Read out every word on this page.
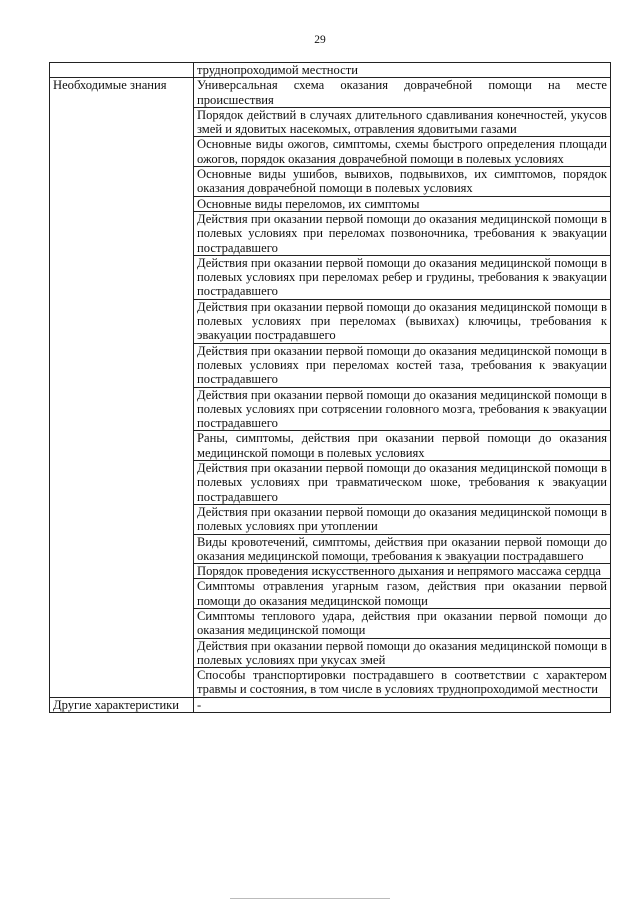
29
	труднопроходимой местности
Необходимые знания	Универсальная схема оказания доврачебной помощи на месте происшествия
	Порядок действий в случаях длительного сдавливания конечностей, укусов змей и ядовитых насекомых, отравления ядовитыми газами
	Основные виды ожогов, симптомы, схемы быстрого определения площади ожогов, порядок оказания доврачебной помощи в полевых условиях
	Основные виды ушибов, вывихов, подвывихов, их симптомов, порядок оказания доврачебной помощи в полевых условиях
	Основные виды переломов, их симптомы
	Действия при оказании первой помощи до оказания медицинской помощи в полевых условиях при переломах позвоночника, требования к эвакуации пострадавшего
	Действия при оказании первой помощи до оказания медицинской помощи в полевых условиях при переломах ребер и грудины, требования к эвакуации пострадавшего
	Действия при оказании первой помощи до оказания медицинской помощи в полевых условиях при переломах (вывихах) ключицы, требования к эвакуации пострадавшего
	Действия при оказании первой помощи до оказания медицинской помощи в полевых условиях при переломах костей таза, требования к эвакуации пострадавшего
	Действия при оказании первой помощи до оказания медицинской помощи в полевых условиях при сотрясении головного мозга, требования к эвакуации пострадавшего
	Раны, симптомы, действия при оказании первой помощи до оказания медицинской помощи в полевых условиях
	Действия при оказании первой помощи до оказания медицинской помощи в полевых условиях при травматическом шоке, требования к эвакуации пострадавшего
	Действия при оказании первой помощи до оказания медицинской помощи в полевых условиях при утоплении
	Виды кровотечений, симптомы, действия при оказании первой помощи до оказания медицинской помощи, требования к эвакуации пострадавшего
	Порядок проведения искусственного дыхания и непрямого массажа сердца
	Симптомы отравления угарным газом, действия при оказании первой помощи до оказания медицинской помощи
	Симптомы теплового удара, действия при оказании первой помощи до оказания медицинской помощи
	Действия при оказании первой помощи до оказания медицинской помощи в полевых условиях при укусах змей
	Способы транспортировки пострадавшего в соответствии с характером травмы и состояния, в том числе в условиях труднопроходимой местности
Другие характеристики	-
